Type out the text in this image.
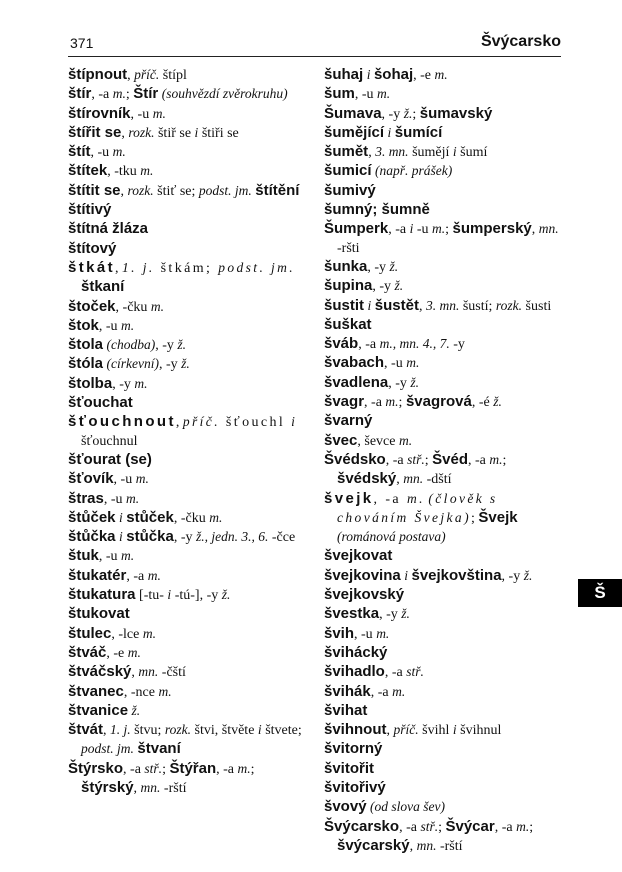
371	Švýcarsko
štípnout, příč. štípl
štír, -a m.; Štír (souhvězdí zvěrokruhu)
štírovník, -u m.
štířit se, rozk. štiř se i štiři se
štít, -u m.
štítek, -tku m.
štítit se, rozk. štiť se; podst. jm. štítění
štítivý
štítná žláza
štítový
štkát, 1. j. štkám; podst. jm. štkaní
štoček, -čku m.
štok, -u m.
štola (chodba), -y ž.
štóla (církevní), -y ž.
štolba, -y m.
šťouchat
šťouchnout, příč. šťouchl i šťouchnul
šťourat (se)
šťovík, -u m.
štras, -u m.
štůček i stůček, -čku m.
štůčka i stůčka, -y ž., jedn. 3., 6. -čce
štuk, -u m.
štukatér, -a m.
štukatura [-tu- i -tú-], -y ž.
štukovat
štulec, -lce m.
štváč, -e m.
štváčský, mn. -čští
štvanec, -nce m.
štvanice ž.
štvát, 1. j. štvu; rozk. štvi, štvěte i štvete; podst. jm. štvaní
Štýrsko, -a stř.; Štýřan, -a m.; štýrský, mn. -rští
šuhaj i šohaj, -e m.
šum, -u m.
Šumava, -y ž.; šumavský
šumějící i šumící
šumět, 3. mn. šumějí i šumí
šumicí (např. prášek)
šumivý
šumný; šumně
Šumperk, -a i -u m.; šumperský, mn. -ršti
šunka, -y ž.
šupina, -y ž.
šustit i šustět, 3. mn. šustí; rozk. šusti
šuškat
šváb, -a m., mn. 4., 7. -y
švabach, -u m.
švadlena, -y ž.
švagr, -a m.; švagrová, -é ž.
švarný
švec, ševce m.
Švédsko, -a stř.; Švéd, -a m.; švédský, mn. -dští
švejk, -a m. (člověk s chováním Švejka); Švejk (románová postava)
švejkovat
švejkovina i švejkovština, -y ž.
švejkovský
švestka, -y ž.
švih, -u m.
švihácký
švihadlo, -a stř.
švihák, -a m.
švihat
švihnout, příč. švihl i švihnul
švitorný
švitořit
švitořivý
švový (od slova šev)
Švýcarsko, -a stř.; Švýcar, -a m.; švýcarský, mn. -rští
Š
